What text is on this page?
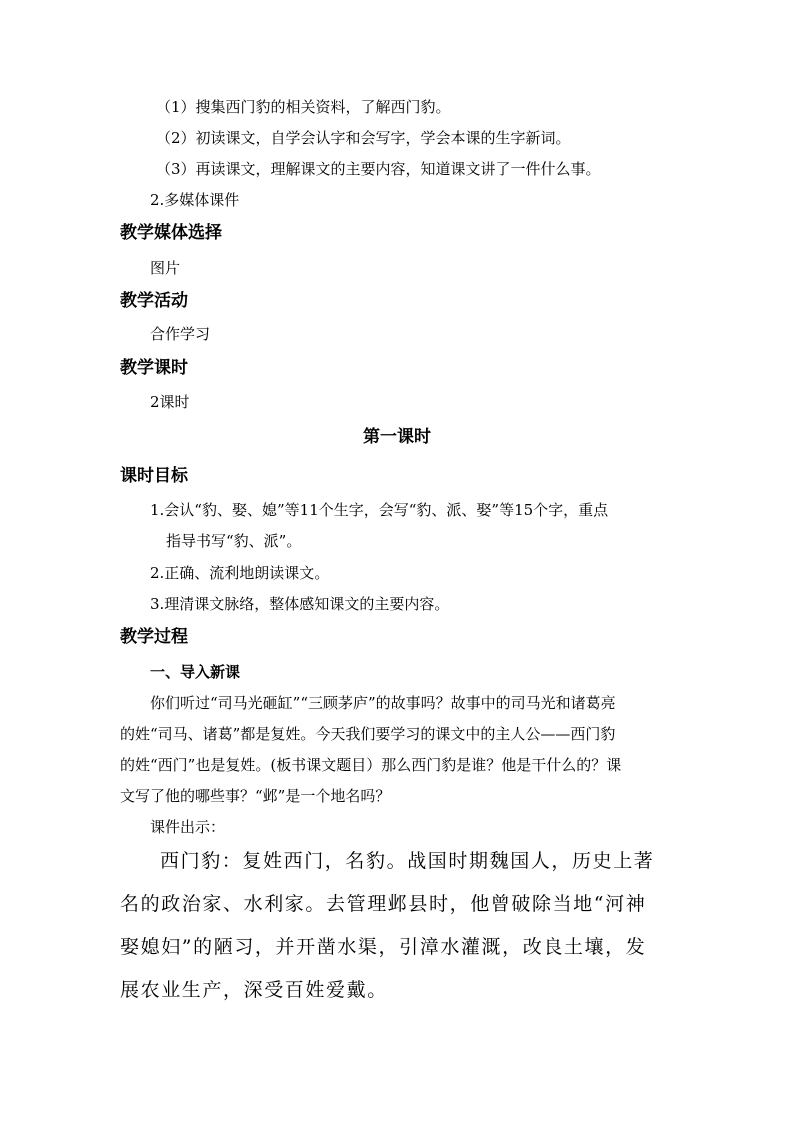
（1）搜集西门豹的相关资料，了解西门豹。
（2）初读课文，自学会认字和会写字，学会本课的生字新词。
（3）再读课文，理解课文的主要内容，知道课文讲了一件什么事。
2.多媒体课件
教学媒体选择
图片
教学活动
合作学习
教学课时
2课时
第一课时
课时目标
1.会认“豹、娶、媳”等11个生字，会写“豹、派、娶”等15个字，重点
指导书写“豹、派”。
2.正确、流利地朗读课文。
3.理清课文脉络，整体感知课文的主要内容。
教学过程
一、导入新课
你们听过“司马光砸缸”“三顾茅庐”的故事吗？故事中的司马光和诸葛亮
的姓“司马、诸葛”都是复姓。今天我们要学习的课文中的主人公——西门豹
的姓“西门”也是复姓。(板书课文题目）那么西门豹是谁？他是干什么的？课
文写了他的哪些事？“邺”是一个地名吗？
课件出示：
西门豹：复姓西门，名豹。战国时期魏国人，历史上著
名的政治家、水利家。去管理邺县时，他曾破除当地“河神
娶媳妇”的陋习，并开凿水渠，引漳水灌溉，改良土壤，发
展农业生产，深受百姓爱戴。
